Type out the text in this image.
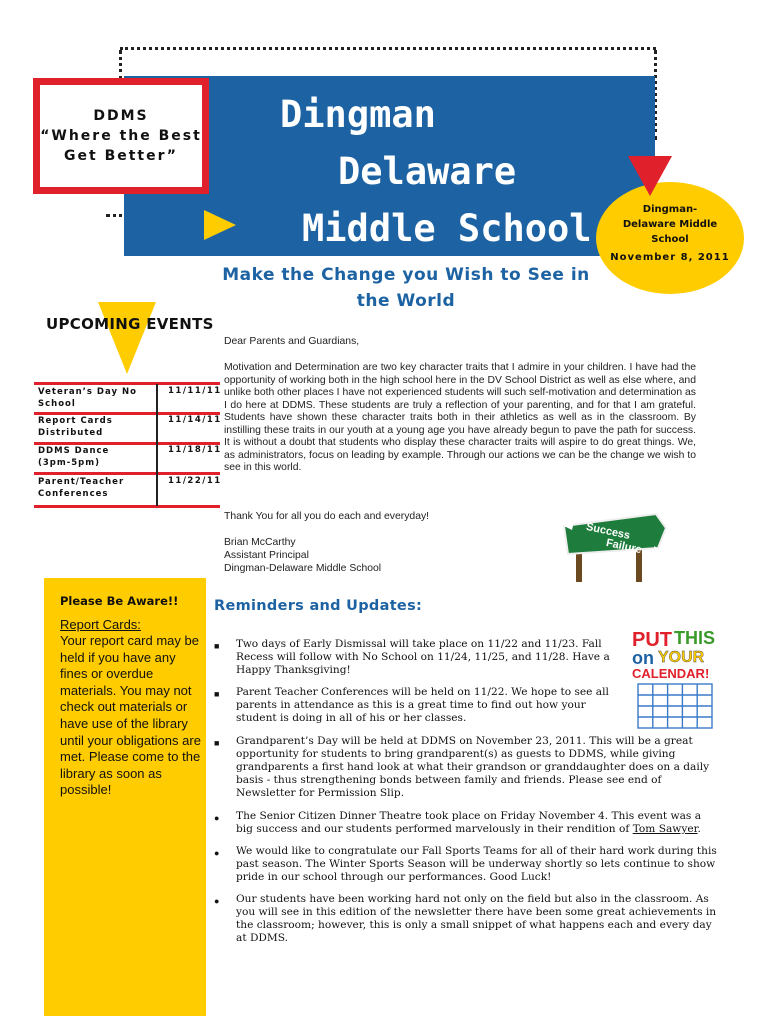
DDMS
“Where the Best
Get Better”
Dingman
Delaware
Middle School	Dingman-Delaware Middle School
November 8, 2011
Make the Change you Wish to See in the World
UPCOMING EVENTS
Veteran’s Day No School
11/11/11
Report Cards Distributed
11/14/11
DDMS Dance (3pm-5pm)
11/18/11
Parent/Teacher Conferences
11/22/11
Dear Parents and Guardians,
Motivation and Determination are two key character traits that I admire in your children. I have had the opportunity of working both in the high school here in the DV School District as well as else where, and unlike both other places I have not experienced students will such self-motivation and determination as I do here at DDMS. These students are truly a reflection of your parenting, and for that I am grateful. Students have shown these character traits both in their athletics as well as in the classroom. By instilling these traits in our youth at a young age you have already begun to pave the path for success. It is without a doubt that students who display these character traits will aspire to do great things. We, as administrators, focus on leading by example. Through our actions we can be the change we wish to see in this world.
Thank You for all you do each and everyday!
Brian McCarthy
Assistant Principal
Dingman-Delaware Middle School
Success
Failure
Please Be Aware!!
Report Cards:
Your report card may be held if you have any fines or overdue materials. You may not check out materials or have use of the library until your obligations are met. Please come to the library as soon as possible!
Reminders and Updates:
■ Two days of Early Dismissal will take place on 11/22 and 11/23. Fall Recess will follow with No School on 11/24, 11/25, and 11/28. Have a Happy Thanksgiving!
■ Parent Teacher Conferences will be held on 11/22. We hope to see all parents in attendance as this is a great time to find out how your student is doing in all of his or her classes.
■ Grandparent’s Day will be held at DDMS on November 23, 2011. This will be a great opportunity for students to bring grandparent(s) as guests to DDMS, while giving grandparents a first hand look at what their grandson or granddaughter does on a daily basis - thus strengthening bonds between family and friends. Please see end of Newsletter for Permission Slip.
● The Senior Citizen Dinner Theatre took place on Friday November 4. This event was a big success and our students performed marvelously in their rendition of Tom Sawyer.
● We would like to congratulate our Fall Sports Teams for all of their hard work during this past season. The Winter Sports Season will be underway shortly so lets continue to show pride in our school through our performances. Good Luck!
● Our students have been working hard not only on the field but also in the classroom. As you will see in this edition of the newsletter there have been some great achievements in the classroom; however, this is only a small snippet of what happens each and every day at DDMS.
PUT THIS
on YOUR
CALENDAR!
